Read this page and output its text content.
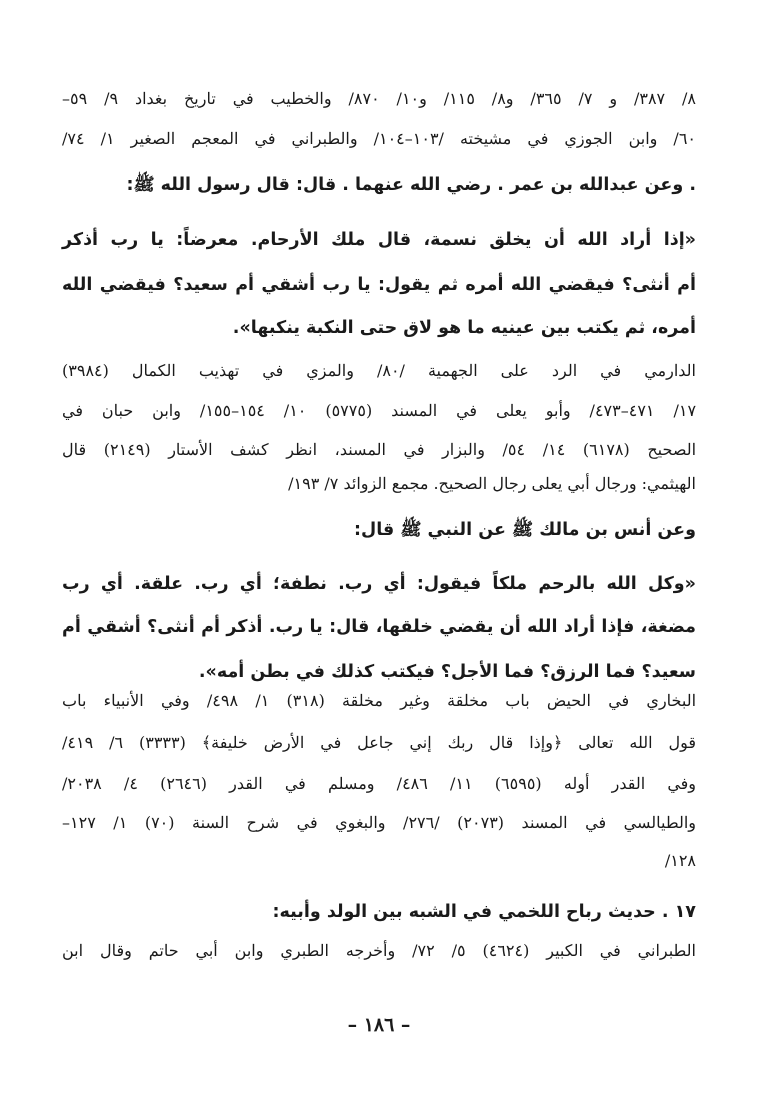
٨/ ٣٨٧/ و ٧/ ٣٦٥/ و٨/ ١١٥/ و١٠/ ٨٧٠/ والخطيب في تاريخ بغداد ٩/ ٥٩–
٦٠/ وابن الجوزي في مشيخته /١٠٣–١٠٤/ والطبراني في المعجم الصغير ١/ ٧٤/
. وعن عبدالله بن عمر . رضي الله عنهما . قال: قال رسول الله ﷺ:
«إذا أراد الله أن يخلق نسمة، قال ملك الأرحام. معرضاً: يا رب أذكر
أم أنثى؟ فيقضي الله أمره ثم يقول: يا رب أشقي أم سعيد؟ فيقضي الله
أمره، ثم يكتب بين عينيه ما هو لاق حتى النكبة ينكبها».
الدارمي في الرد على الجهمية /٨٠/ والمزي في تهذيب الكمال (٣٩٨٤)
١٧/ ٤٧١–٤٧٣/ وأبو يعلى في المسند (٥٧٧٥) ١٠/ ١٥٤–١٥٥/ وابن حبان في
الصحيح (٦١٧٨) ١٤/ ٥٤/ والبزار في المسند، انظر كشف الأستار (٢١٤٩) قال
الهيثمي: ورجال أبي يعلى رجال الصحيح. مجمع الزوائد ٧/ ١٩٣/
وعن أنس بن مالك ﷺ عن النبي ﷺ قال:
«وكل الله بالرحم ملكاً فيقول: أي رب. نطفة؛ أي رب. علقة. أي رب
مضغة، فإذا أراد الله أن يقضي خلقها، قال: يا رب. أذكر أم أنثى؟ أشقي أم
سعيد؟ فما الرزق؟ فما الأجل؟ فيكتب كذلك في بطن أمه».
البخاري في الحيض باب مخلقة وغير مخلقة (٣١٨) ١/ ٤٩٨/ وفي الأنبياء باب
قول الله تعالى ﴿وإذا قال ربك إني جاعل في الأرض خليفة﴾ (٣٣٣٣) ٦/ ٤١٩/
وفي القدر أوله (٦٥٩٥) ١١/ ٤٨٦/ ومسلم في القدر (٢٦٤٦) ٤/ ٢٠٣٨/
والطيالسي في المسند (٢٠٧٣) /٢٧٦/ والبغوي في شرح السنة (٧٠) ١/ ١٢٧–
١٢٨/
١٧ . حديث رباح اللخمي في الشبه بين الولد وأبيه:
الطبراني في الكبير (٤٦٢٤) ٥/ ٧٢/ وأخرجه الطبري وابن أبي حاتم وقال ابن
– ١٨٦ –
